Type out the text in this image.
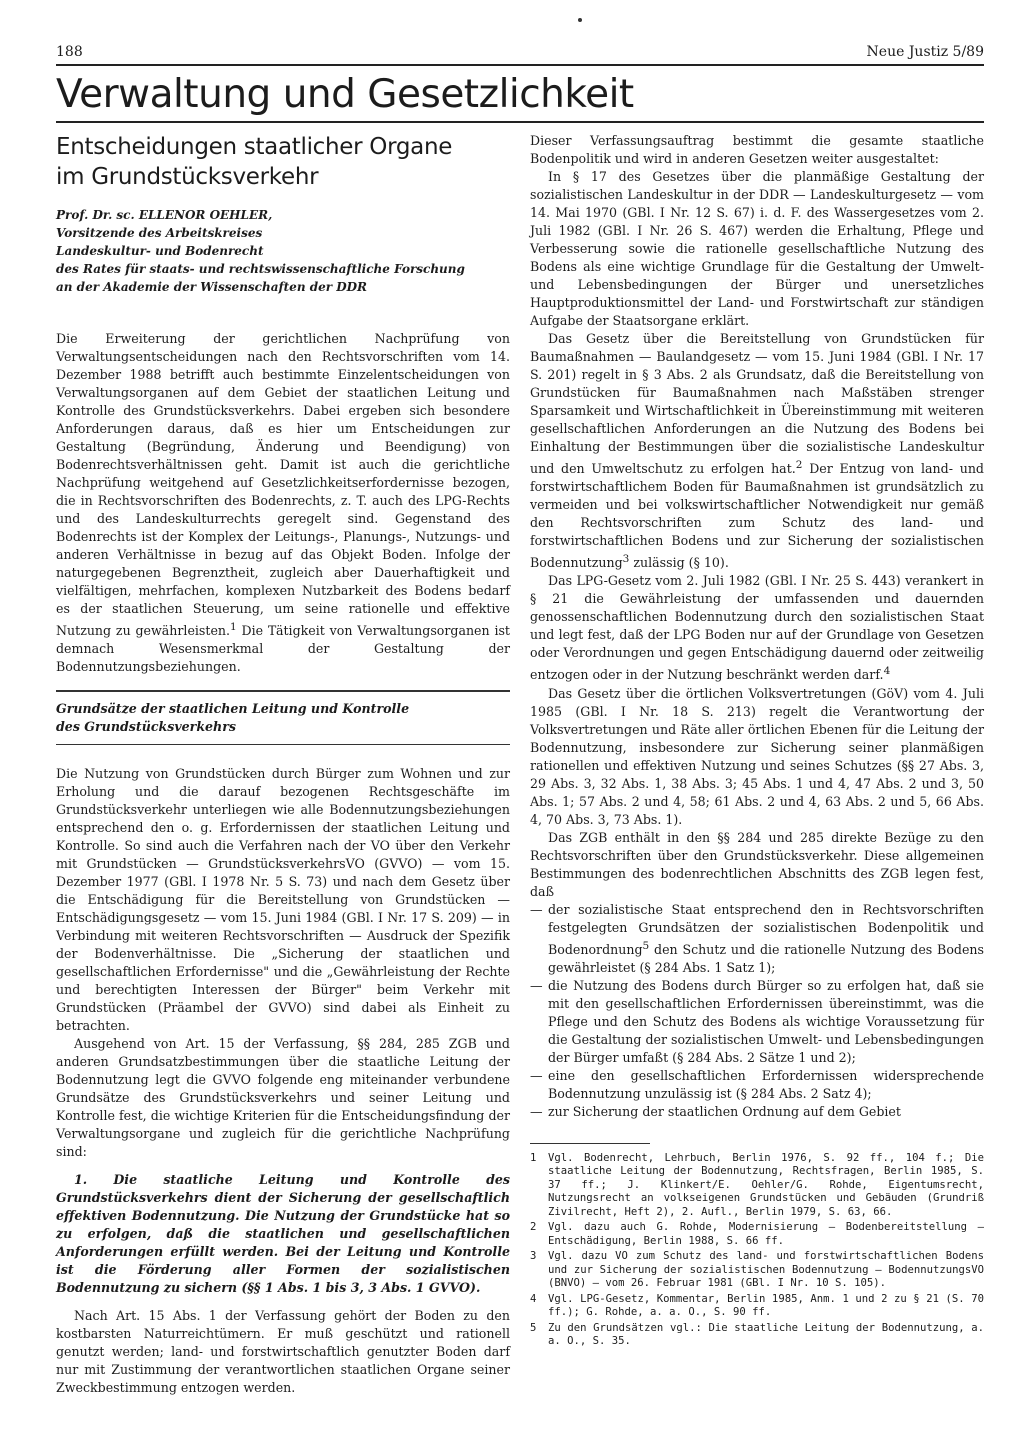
188	Neue Justiz 5/89
Verwaltung und Gesetzlichkeit
Entscheidungen staatlicher Organe
im Grundstücksverkehr

Prof. Dr. sc. ELLENOR OEHLER,
Vorsitzende des Arbeitskreises
Landeskultur- und Bodenrecht
des Rates für staats- und rechtswissenschaftliche Forschung
an der Akademie der Wissenschaften der DDR

Die Erweiterung der gerichtlichen Nachprüfung von Verwaltungsentscheidungen nach den Rechtsvorschriften vom 14. Dezember 1988 betrifft auch bestimmte Einzelentscheidungen von Verwaltungsorganen auf dem Gebiet der staatlichen Leitung und Kontrolle des Grundstücksverkehrs. Dabei ergeben sich besondere Anforderungen daraus, daß es hier um Entscheidungen zur Gestaltung (Begründung, Änderung und Beendigung) von Bodenrechtsverhältnissen geht. Damit ist auch die gerichtliche Nachprüfung weitgehend auf Gesetzlichkeitserfordernisse bezogen, die in Rechtsvorschriften des Bodenrechts, z. T. auch des LPG-Rechts und des Landeskulturrechts geregelt sind. Gegenstand des Bodenrechts ist der Komplex der Leitungs-, Planungs-, Nutzungs- und anderen Verhältnisse in bezug auf das Objekt Boden. Infolge der naturgegebenen Begrenztheit, zugleich aber Dauerhaftigkeit und vielfältigen, mehrfachen, komplexen Nutzbarkeit des Bodens bedarf es der staatlichen Steuerung, um seine rationelle und effektive Nutzung zu gewährleisten.$^1$ Die Tätigkeit von Verwaltungsorganen ist demnach Wesensmerkmal der Gestaltung der Bodennutzungsbeziehungen.

Grundsätze der staatlichen Leitung und Kontrolle
des Grundstücksverkehrs

Die Nutzung von Grundstücken durch Bürger zum Wohnen und zur Erholung und die darauf bezogenen Rechtsgeschäfte im Grundstücksverkehr unterliegen wie alle Bodennutzungsbeziehungen entsprechend den o. g. Erfordernissen der staatlichen Leitung und Kontrolle. So sind auch die Verfahren nach der VO über den Verkehr mit Grundstücken — GrundstücksverkehrsVO (GVVO) — vom 15. Dezember 1977 (GBl. I 1978 Nr. 5 S. 73) und nach dem Gesetz über die Entschädigung für die Bereitstellung von Grundstücken — Entschädigungsgesetz — vom 15. Juni 1984 (GBl. I Nr. 17 S. 209) — in Verbindung mit weiteren Rechtsvorschriften — Ausdruck der Spezifik der Bodenverhältnisse. Die „Sicherung der staatlichen und gesellschaftlichen Erfordernisse" und die „Gewährleistung der Rechte und berechtigten Interessen der Bürger" beim Verkehr mit Grundstücken (Präambel der GVVO) sind dabei als Einheit zu betrachten.

Ausgehend von Art. 15 der Verfassung, §§ 284, 285 ZGB und anderen Grundsatzbestimmungen über die staatliche Leitung der Bodennutzung legt die GVVO folgende eng miteinander verbundene Grundsätze des Grundstücksverkehrs und seiner Leitung und Kontrolle fest, die wichtige Kriterien für die Entscheidungsfindung der Verwaltungsorgane und zugleich für die gerichtliche Nachprüfung sind:

1. Die staatliche Leitung und Kontrolle des Grundstücksverkehrs dient der Sicherung der gesellschaftlich effektiven Bodennutzung. Die Nutzung der Grundstücke hat so zu erfolgen, daß die staatlichen und gesellschaftlichen Anforderungen erfüllt werden. Bei der Leitung und Kontrolle ist die Förderung aller Formen der sozialistischen Bodennutzung zu sichern (§§ 1 Abs. 1 bis 3, 3 Abs. 1 GVVO).

Nach Art. 15 Abs. 1 der Verfassung gehört der Boden zu den kostbarsten Naturreichtümern. Er muß geschützt und rationell genutzt werden; land- und forstwirtschaftlich genutzter Boden darf nur mit Zustimmung der verantwortlichen staatlichen Organe seiner Zweckbestimmung entzogen werden.

Dieser Verfassungsauftrag bestimmt die gesamte staatliche Bodenpolitik und wird in anderen Gesetzen weiter ausgestaltet:

In § 17 des Gesetzes über die planmäßige Gestaltung der sozialistischen Landeskultur in der DDR — Landeskulturgesetz — vom 14. Mai 1970 (GBl. I Nr. 12 S. 67) i. d. F. des Wassergesetzes vom 2. Juli 1982 (GBl. I Nr. 26 S. 467) werden die Erhaltung, Pflege und Verbesserung sowie die rationelle gesellschaftliche Nutzung des Bodens als eine wichtige Grundlage für die Gestaltung der Umwelt- und Lebensbedingungen der Bürger und unersetzliches Hauptproduktionsmittel der Land- und Forstwirtschaft zur ständigen Aufgabe der Staatsorgane erklärt.

Das Gesetz über die Bereitstellung von Grundstücken für Baumaßnahmen — Baulandgesetz — vom 15. Juni 1984 (GBl. I Nr. 17 S. 201) regelt in § 3 Abs. 2 als Grundsatz, daß die Bereitstellung von Grundstücken für Baumaßnahmen nach Maßstäben strenger Sparsamkeit und Wirtschaftlichkeit in Übereinstimmung mit weiteren gesellschaftlichen Anforderungen an die Nutzung des Bodens bei Einhaltung der Bestimmungen über die sozialistische Landeskultur und den Umweltschutz zu erfolgen hat.$^2$ Der Entzug von land- und forstwirtschaftlichem Boden für Baumaßnahmen ist grundsätzlich zu vermeiden und bei volkswirtschaftlicher Notwendigkeit nur gemäß den Rechtsvorschriften zum Schutz des land- und forstwirtschaftlichen Bodens und zur Sicherung der sozialistischen Bodennutzung$^3$ zulässig (§ 10).

Das LPG-Gesetz vom 2. Juli 1982 (GBl. I Nr. 25 S. 443) verankert in § 21 die Gewährleistung der umfassenden und dauernden genossenschaftlichen Bodennutzung durch den sozialistischen Staat und legt fest, daß der LPG Boden nur auf der Grundlage von Gesetzen oder Verordnungen und gegen Entschädigung dauernd oder zeitweilig entzogen oder in der Nutzung beschränkt werden darf.$^4$

Das Gesetz über die örtlichen Volksvertretungen (GöV) vom 4. Juli 1985 (GBl. I Nr. 18 S. 213) regelt die Verantwortung der Volksvertretungen und Räte aller örtlichen Ebenen für die Leitung der Bodennutzung, insbesondere zur Sicherung seiner planmäßigen rationellen und effektiven Nutzung und seines Schutzes (§§ 27 Abs. 3, 29 Abs. 3, 32 Abs. 1, 38 Abs. 3; 45 Abs. 1 und 4, 47 Abs. 2 und 3, 50 Abs. 1; 57 Abs. 2 und 4, 58; 61 Abs. 2 und 4, 63 Abs. 2 und 5, 66 Abs. 4, 70 Abs. 3, 73 Abs. 1).

Das ZGB enthält in den §§ 284 und 285 direkte Bezüge zu den Rechtsvorschriften über den Grundstücksverkehr. Diese allgemeinen Bestimmungen des bodenrechtlichen Abschnitts des ZGB legen fest, daß

— der sozialistische Staat entsprechend den in Rechtsvorschriften festgelegten Grundsätzen der sozialistischen Bodenpolitik und Bodenordnung$^5$ den Schutz und die rationelle Nutzung des Bodens gewährleistet (§ 284 Abs. 1 Satz 1);

— die Nutzung des Bodens durch Bürger so zu erfolgen hat, daß sie mit den gesellschaftlichen Erfordernissen übereinstimmt, was die Pflege und den Schutz des Bodens als wichtige Voraussetzung für die Gestaltung der sozialistischen Umwelt- und Lebensbedingungen der Bürger umfaßt (§ 284 Abs. 2 Sätze 1 und 2);

— eine den gesellschaftlichen Erfordernissen widersprechende Bodennutzung unzulässig ist (§ 284 Abs. 2 Satz 4);

— zur Sicherung der staatlichen Ordnung auf dem Gebiet

1	Vgl. Bodenrecht, Lehrbuch, Berlin 1976, S. 92 ff., 104 f.; Die staatliche Leitung der Bodennutzung, Rechtsfragen, Berlin 1985, S. 37 ff.; J. Klinkert/E. Oehler/G. Rohde, Eigentumsrecht, Nutzungsrecht an volkseigenen Grundstücken und Gebäuden (Grundriß Zivilrecht, Heft 2), 2. Aufl., Berlin 1979, S. 63, 66.
2	Vgl. dazu auch G. Rohde, Modernisierung — Bodenbereitstellung — Entschädigung, Berlin 1988, S. 66 ff.
3	Vgl. dazu VO zum Schutz des land- und forstwirtschaftlichen Bodens und zur Sicherung der sozialistischen Bodennutzung — BodennutzungsVO (BNVO) — vom 26. Februar 1981 (GBl. I Nr. 10 S. 105).
4	Vgl. LPG-Gesetz, Kommentar, Berlin 1985, Anm. 1 und 2 zu § 21 (S. 70 ff.); G. Rohde, a. a. O., S. 90 ff.
5	Zu den Grundsätzen vgl.: Die staatliche Leitung der Bodennutzung, a. a. O., S. 35.
